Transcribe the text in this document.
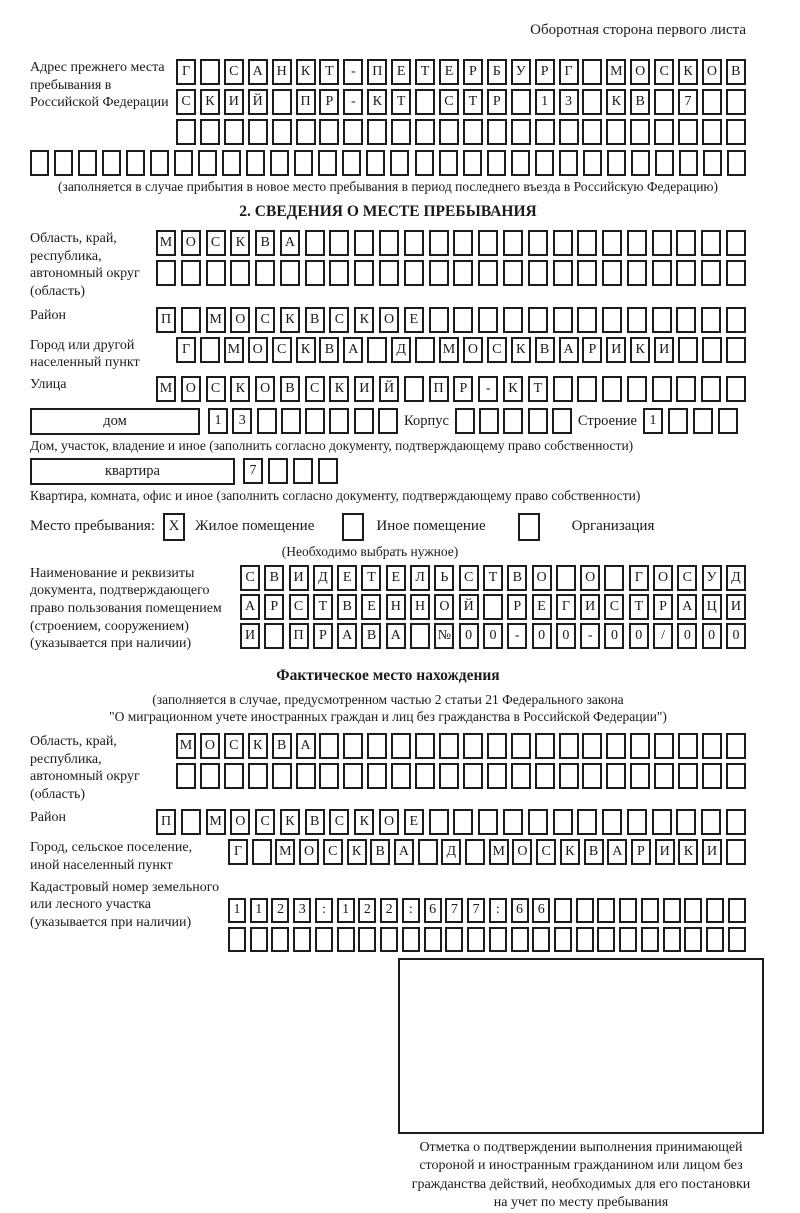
Оборотная сторона первого листа
Адрес прежнего места пребывания в Российской Федерации
Г	С	А Н	К	Т	-	П	Е	Т	Е	Р	Б	У	Р	Г	М О	С	К	О	В
С	К	И Й	П	Р	-	К	Т	С	Т	Р	1	3	К	В	7
(заполняется в случае прибытия в новое место пребывания в период последнего въезда в Российскую Федерацию)
2. СВЕДЕНИЯ О МЕСТЕ ПРЕБЫВАНИЯ
Область, край, республика, автономный округ (область)
М О	С	К	В	А
Район	П	М О	С	К	В	С	К	О	Е
Город или другой населенный пункт
Г	М О	С	К	В	А	Д	М О	С	К	В	А	Р	И	К	И
Улица	М О	С	К	О	В	С	К	И	Й	П	Р	-	К	Т
дом	1	3	Корпус	Строение 1
Дом, участок, владение и иное (заполнить согласно документу, подтверждающему право собственности)
квартира	7
Квартира, комната, офис и иное (заполнить согласно документу, подтверждающему право собственности)
Место пребывания: X	Жилое помещение	Иное помещение	Организация
(Необходимо выбрать нужное)
Наименование и реквизиты документа, подтверждающего право пользования помещением (строением, сооружением) (указывается при наличии)
С	В	И	Д	Е	Т	Е	Л	Ь	С	Т	В	О	О	Г	О	С	У	Д
А	Р	С	Т	В	Е	Н	Н	О	Й	Р	Е	Г	И	С	Т	Р	А	Ц	И
И	П	Р	А	В	А	№	0	0	-	0	0	-	0	0	/	0	0	0
Фактическое место нахождения
(заполняется в случае, предусмотренном частью 2 статьи 21 Федерального закона
"О миграционном учете иностранных граждан и лиц без гражданства в Российской Федерации")
Область, край, республика, автономный округ (область)
М О	С	К	В	А
Район	П	М О	С	К	В	С	К	О	Е
Город, сельское поселение, иной населенный пункт
Г	М О С	К	В А	Д	М О С	К	В А	Р	И К И
Кадастровый номер земельного или лесного участка (указывается при наличии)
1	1	2	3	:	1	2	2	:	6	7	7	:	6	6
Отметка о подтверждении выполнения принимающей
стороной и иностранным гражданином или лицом без
гражданства действий, необходимых для его постановки
на учет по месту пребывания
